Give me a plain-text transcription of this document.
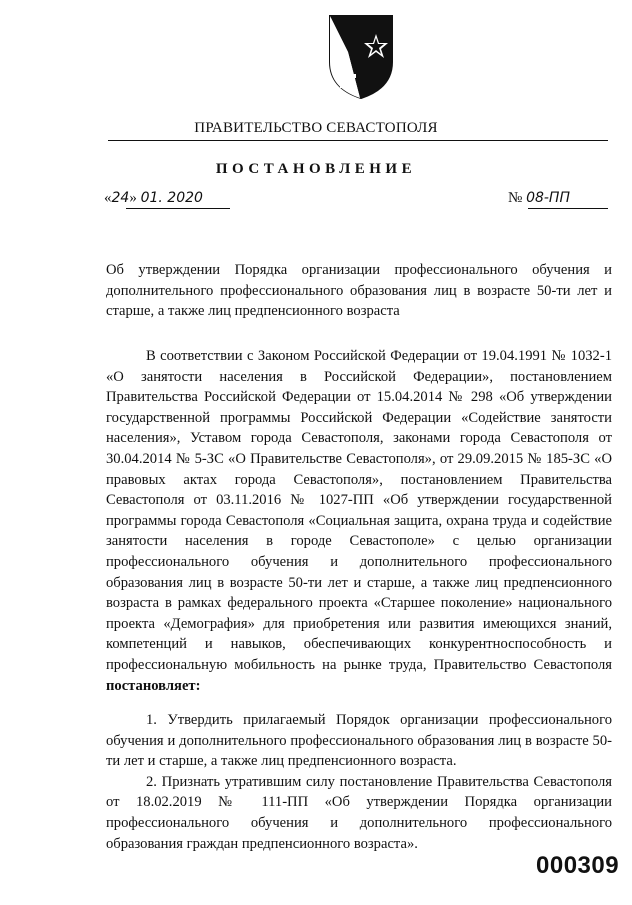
ПРАВИТЕЛЬСТВО СЕВАСТОПОЛЯ
ПОСТАНОВЛЕНИЕ
«24» 01. 2020	№ 08-ПП
Об утверждении Порядка организации профессионального обучения и дополнительного профессионального образования лиц в возрасте 50-ти лет и старше, а также лиц предпенсионного возраста

В соответствии с Законом Российской Федерации от 19.04.1991 № 1032-1 «О занятости населения в Российской Федерации», постановлением Правительства Российской Федерации от 15.04.2014 № 298 «Об утверждении государственной программы Российской Федерации «Содействие занятости населения», Уставом города Севастополя, законами города Севастополя от 30.04.2014 № 5-ЗС «О Правительстве Севастополя», от 29.09.2015 № 185-ЗС «О правовых актах города Севастополя», постановлением Правительства Севастополя от 03.11.2016 № 1027-ПП «Об утверждении государственной программы города Севастополя «Социальная защита, охрана труда и содействие занятости населения в городе Севастополе» с целью организации профессионального обучения и дополнительного профессионального образования лиц в возрасте 50-ти лет и старше, а также лиц предпенсионного возраста в рамках федерального проекта «Старшее поколение» национального проекта «Демография» для приобретения или развития имеющихся знаний, компетенций и навыков, обеспечивающих конкурентноспособность и профессиональную мобильность на рынке труда, Правительство Севастополя постановляет:

1. Утвердить прилагаемый Порядок организации профессионального обучения и дополнительного профессионального образования лиц в возрасте 50-ти лет и старше, а также лиц предпенсионного возраста.

2. Признать утратившим силу постановление Правительства Севастополя от 18.02.2019 № 111-ПП «Об утверждении Порядка организации профессионального обучения и дополнительного профессионального образования граждан предпенсионного возраста».

000309
